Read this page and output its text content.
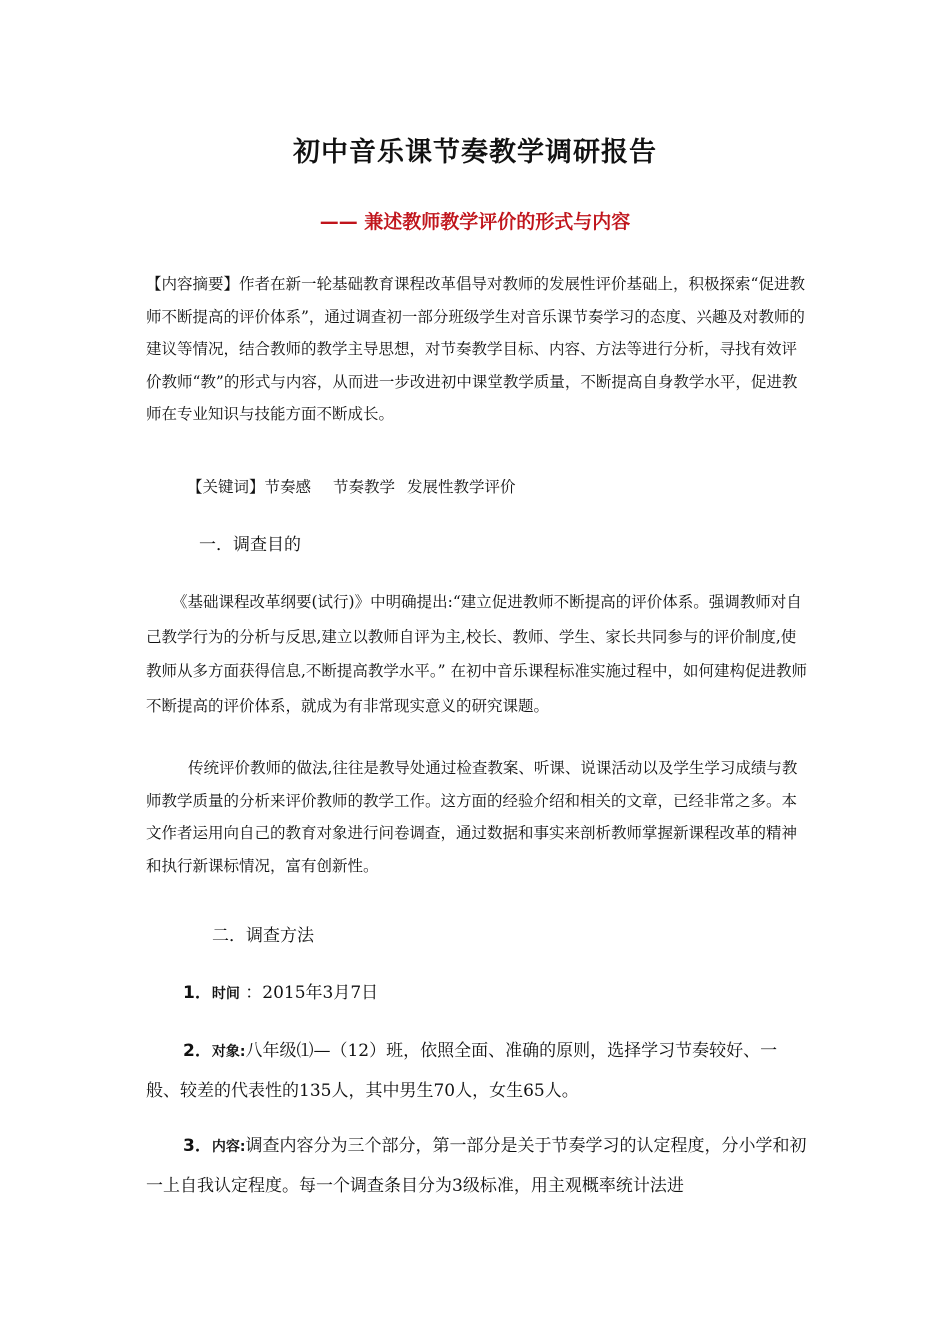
初中音乐课节奏教学调研报告
—— 兼述教师教学评价的形式与内容

【内容摘要】作者在新一轮基础教育课程改革倡导对教师的发展性评价基础上，积极探索“促进教师不断提高的评价体系”，通过调查初一部分班级学生对音乐课节奏学习的态度、兴趣及对教师的建议等情况，结合教师的教学主导思想，对节奏教学目标、内容、方法等进行分析，寻找有效评价教师“教”的形式与内容，从而进一步改进初中课堂教学质量，不断提高自身教学水平，促进教师在专业知识与技能方面不断成长。

【关键词】节奏感 节奏教学 发展性教学评价

一．调查目的

《基础课程改革纲要(试行)》中明确提出:“建立促进教师不断提高的评价体系。强调教师对自己教学行为的分析与反思,建立以教师自评为主,校长、教师、学生、家长共同参与的评价制度,使教师从多方面获得信息,不断提高教学水平。” 在初中音乐课程标准实施过程中，如何建构促进教师不断提高的评价体系，就成为有非常现实意义的研究课题。

传统评价教师的做法,往往是教导处通过检查教案、听课、说课活动以及学生学习成绩与教师教学质量的分析来评价教师的教学工作。这方面的经验介绍和相关的文章，已经非常之多。本文作者运用向自己的教育对象进行问卷调查，通过数据和事实来剖析教师掌握新课程改革的精神和执行新课标情况，富有创新性。

二．调查方法

1．时间 ：2015年3月7日

2．对象:八年级⑴—（12）班，依照全面、准确的原则，选择学习节奏较好、一般、较差的代表性的135人，其中男生70人，女生65人。

3．内容:调查内容分为三个部分，第一部分是关于节奏学习的认定程度，分小学和初一上自我认定程度。每一个调查条目分为3级标准，用主观概率统计法进
